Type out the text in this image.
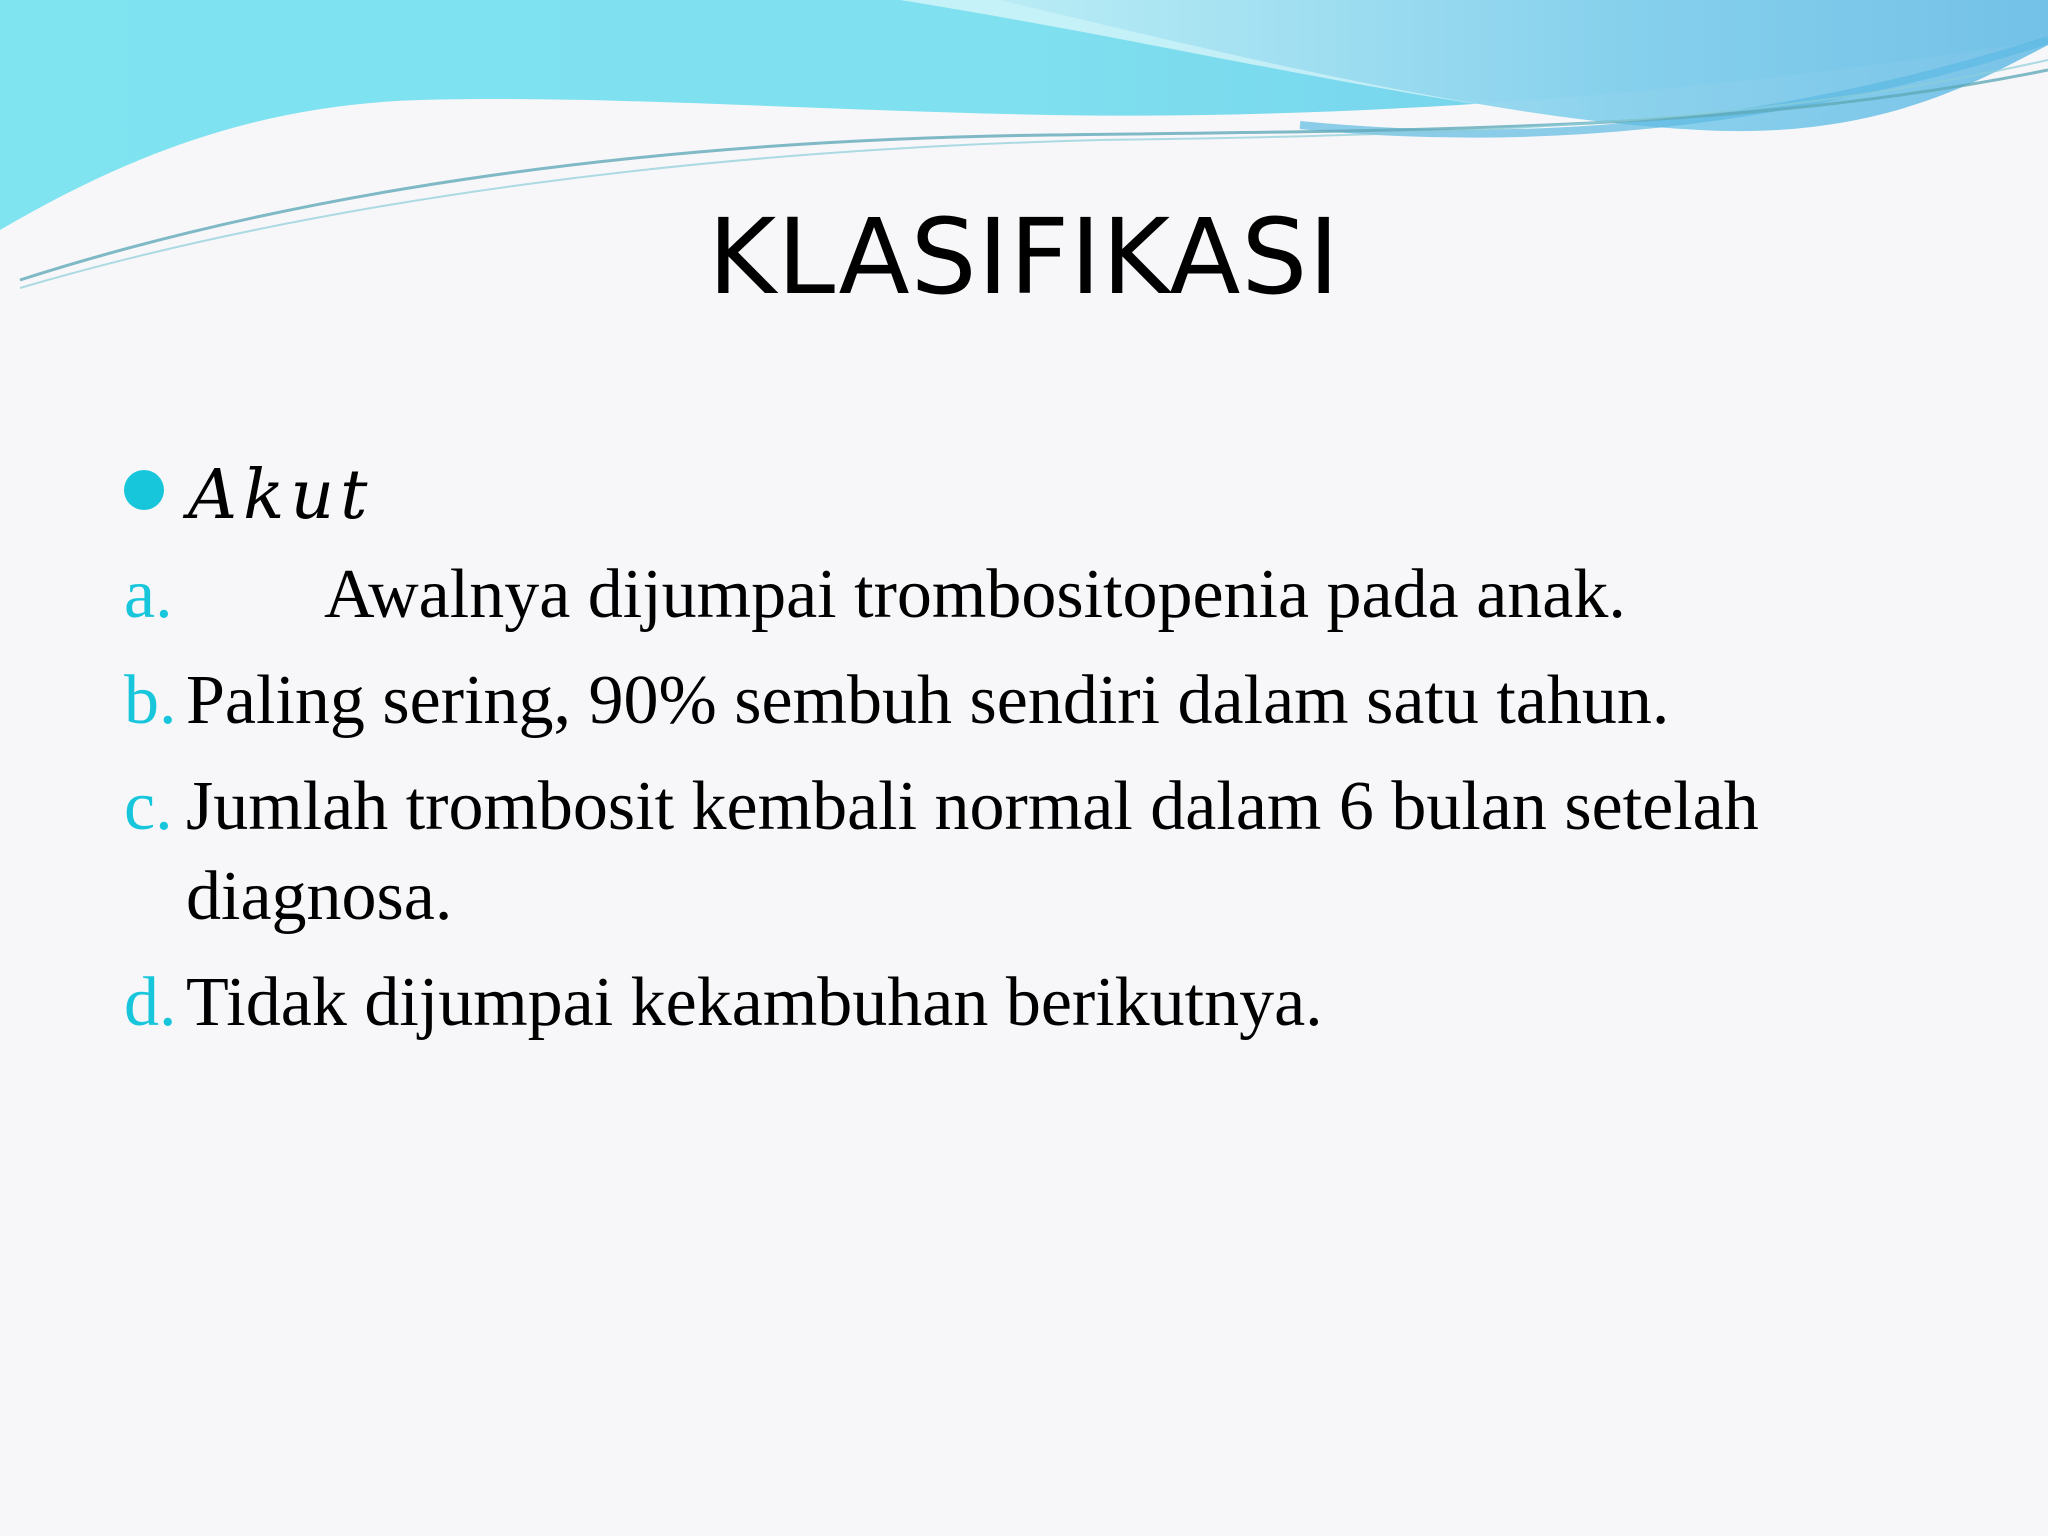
KLASIFIKASI
Akut
a.	Awalnya dijumpai trombositopenia pada anak.
b. Paling sering, 90% sembuh sendiri dalam satu tahun.
c. Jumlah trombosit kembali normal dalam 6 bulan setelah diagnosa.
d. Tidak dijumpai kekambuhan berikutnya.
